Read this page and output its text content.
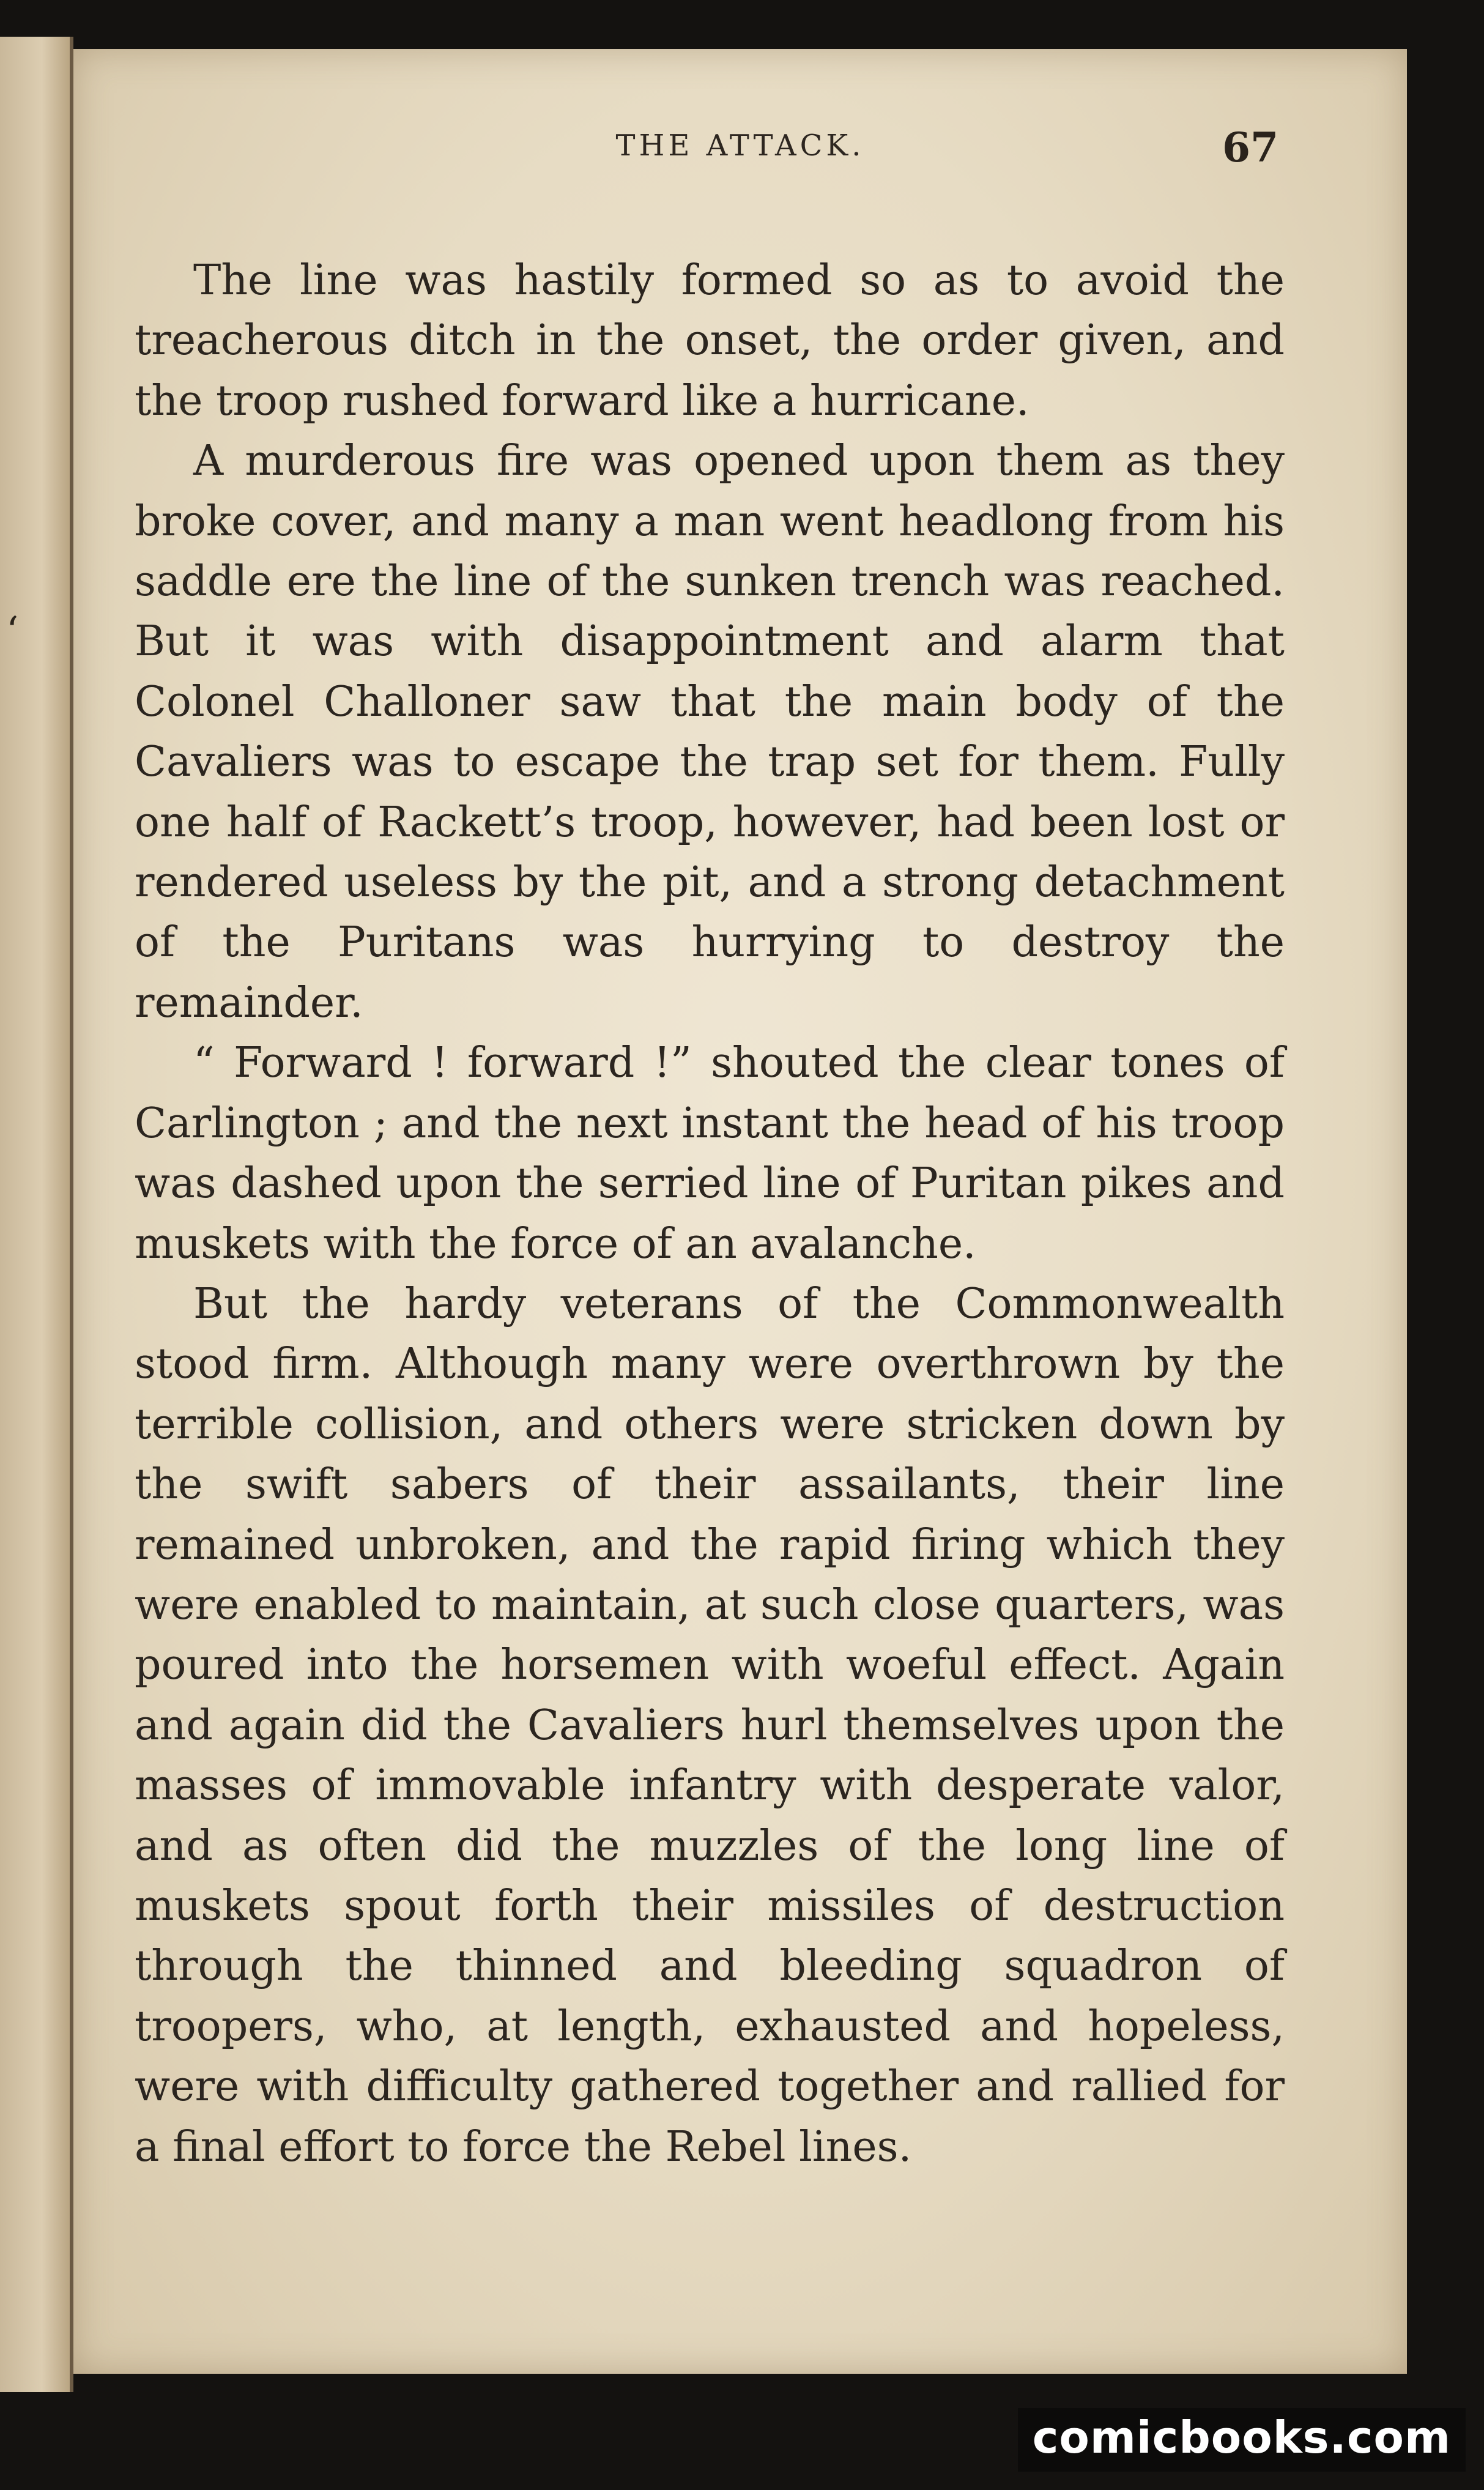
ʻ
THE ATTACK.	67

The line was hastily formed so as to avoid the treacherous ditch in the onset, the order given, and the troop rushed forward like a hurricane.

A murderous fire was opened upon them as they broke cover, and many a man went headlong from his saddle ere the line of the sunken trench was reached. But it was with disappointment and alarm that Colonel Challoner saw that the main body of the Cavaliers was to escape the trap set for them. Fully one half of Rackett’s troop, however, had been lost or rendered useless by the pit, and a strong detachment of the Puritans was hurrying to destroy the remainder.

“ Forward ! forward !” shouted the clear tones of Carlington ; and the next instant the head of his troop was dashed upon the serried line of Puritan pikes and muskets with the force of an avalanche.

But the hardy veterans of the Commonwealth stood firm. Although many were overthrown by the terrible collision, and others were stricken down by the swift sabers of their assailants, their line remained unbroken, and the rapid firing which they were enabled to maintain, at such close quarters, was poured into the horsemen with woeful effect. Again and again did the Cavaliers hurl themselves upon the masses of immovable infantry with desperate valor, and as often did the muzzles of the long line of muskets spout forth their missiles of destruction through the thinned and bleeding squadron of troopers, who, at length, exhausted and hopeless, were with difficulty gathered together and rallied for a final effort to force the Rebel lines.

comicbooks.com
